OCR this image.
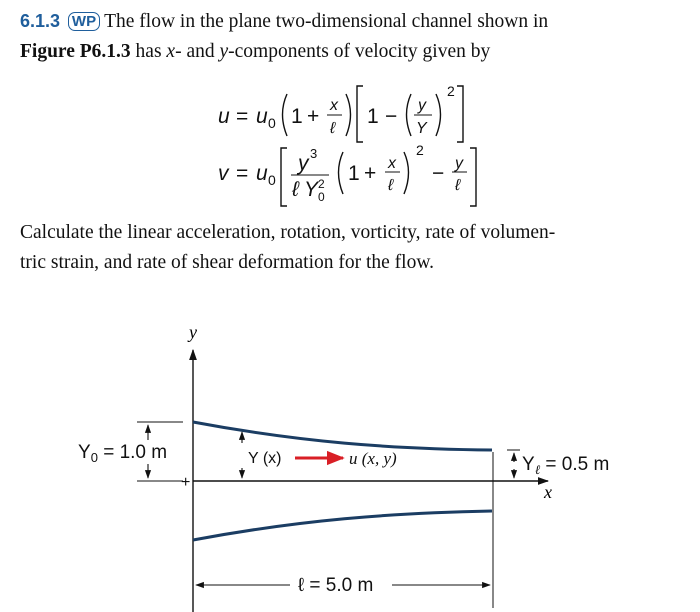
6.1.3 WP The flow in the plane two-dimensional channel shown in
Figure P6.1.3 has x- and y-components of velocity given by
u = u 0 1 + x
ℓ
1 − y
Y
2
v = u 0
y 3
ℓ Y 2
0
1 + x
ℓ
2
− y
ℓ
Calculate the linear acceleration, rotation, vorticity, rate of volumen-
tric strain, and rate of shear deformation for the flow.
y
x
+
$Y_0 = 1.0$ m	Y (x)	u (x, y)	$Y_\ell = 0.5$ m
ℓ = 5.0 m
